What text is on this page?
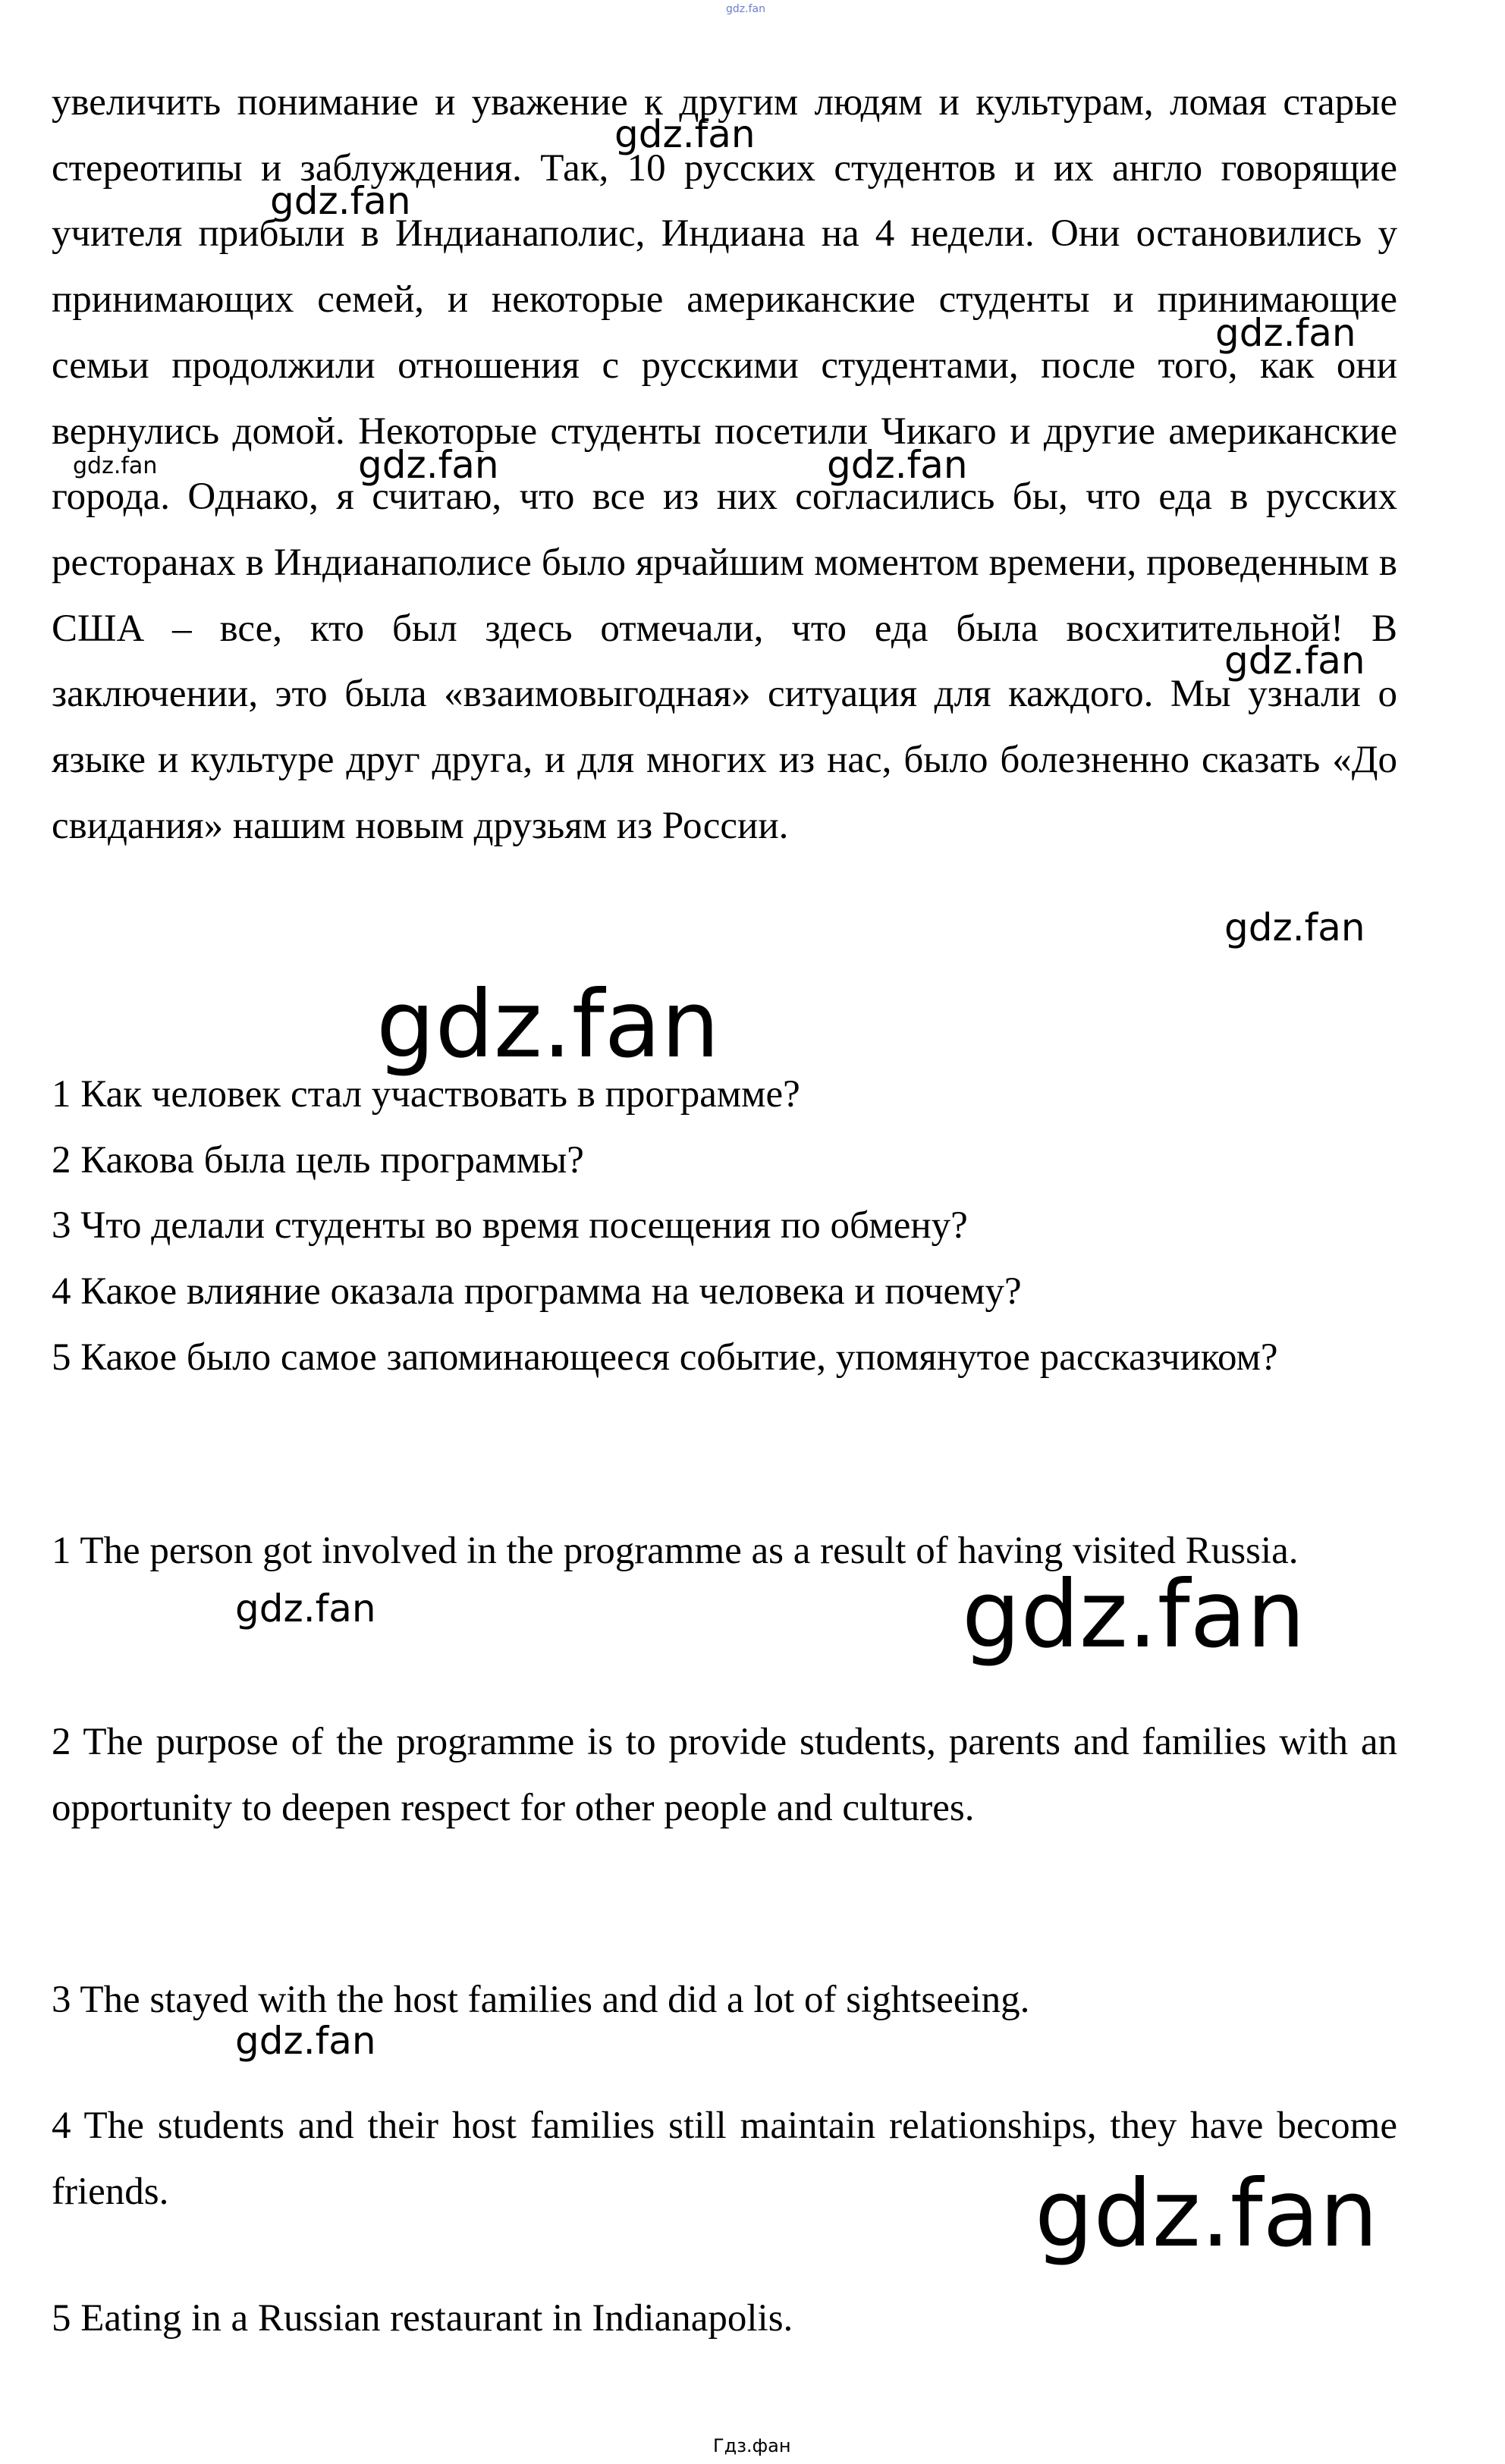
gdz.fan
увеличить понимание и уважение к другим людям и культурам, ломая старые стереотипы и заблуждения. Так, 10 русских студентов и их англо говорящие учителя прибыли в Индианаполис, Индиана на 4 недели. Они остановились у принимающих семей, и некоторые американские студенты и принимающие семьи продолжили отношения с русскими студентами, после того, как они вернулись домой. Некоторые студенты посетили Чикаго и другие американские города. Однако, я считаю, что все из них согласились бы, что еда в русских ресторанах в Индианаполисе было ярчайшим моментом времени, проведенным в США – все, кто был здесь отмечали, что еда была восхитительной! В заключении, это была «взаимовыгодная» ситуация для каждого. Мы узнали о языке и культуре друг друга, и для многих из нас, было болезненно сказать «До свидания» нашим новым друзьям из России.

1 Как человек стал участвовать в программе?

2 Какова была цель программы?

3 Что делали студенты во время посещения по обмену?

4 Какое влияние оказала программа на человека и почему?

5 Какое было самое запоминающееся событие, упомянутое рассказчиком?

1 The person got involved in the programme as a result of having visited Russia.
2 The purpose of the programme is to provide students, parents and families with an opportunity to deepen respect for other people and cultures.
3 The stayed with the host families and did a lot of sightseeing.
4 The students and their host families still maintain relationships, they have become friends.
5 Eating in a Russian restaurant in Indianapolis.
gdz.fan
gdz.fan
gdz.fan
gdz.fan	gdz.fan	gdz.fan
gdz.fan
gdz.fan
gdz.fan
gdz.fan	gdz.fan
gdz.fan
gdz.fan
Гдз.фан
